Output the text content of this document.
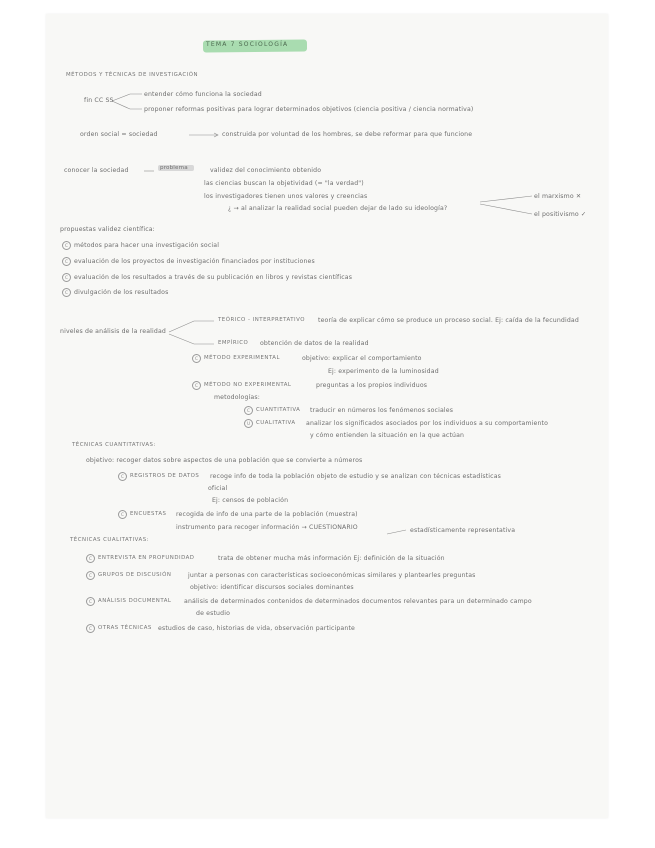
TEMA 7 SOCIOLOGÍA
MÉTODOS Y TÉCNICAS DE INVESTIGACIÓN
fin CC SS
entender cómo funciona la sociedad
proponer reformas positivas para lograr determinados objetivos (ciencia positiva / ciencia normativa)
orden social = sociedad	construida por voluntad de los hombres, se debe reformar para que funcione
conocer la sociedad	problema	validez del conocimiento obtenido
las ciencias buscan la objetividad (= "la verdad")
los investigadores tienen unos valores y creencias
¿ → al analizar la realidad social pueden dejar de lado su ideología?
el marxismo ✕
el positivismo ✓
propuestas validez científica:
C métodos para hacer una investigación social
C evaluación de los proyectos de investigación financiados por instituciones
C evaluación de los resultados a través de su publicación en libros y revistas científicas
C divulgación de los resultados
niveles de análisis de la realidad
TEÓRICO - INTERPRETATIVO teoría de explicar cómo se produce un proceso social. Ej: caída de la fecundidad
EMPÍRICO obtención de datos de la realidad
C	MÉTODO EXPERIMENTAL	objetivo: explicar el comportamiento
Ej: experimento de la luminosidad
C	MÉTODO NO EXPERIMENTAL	preguntas a los propios individuos
metodologías:
C	CUANTITATIVA traducir en números los fenómenos sociales
U	CUALITATIVA analizar los significados asociados por los individuos a su comportamiento
y cómo entienden la situación en la que actúan
TÉCNICAS CUANTITATIVAS:
objetivo: recoger datos sobre aspectos de una población que se convierte a números
C	REGISTROS DE DATOS recoge info de toda la población objeto de estudio y se analizan con técnicas estadísticas
oficial
Ej: censos de población
C	ENCUESTAS recogida de info de una parte de la población (muestra)
instrumento para recoger información → CUESTIONARIO	estadísticamente representativa
TÉCNICAS CUALITATIVAS:
C	ENTREVISTA EN PROFUNDIDAD	trata de obtener mucha más información Ej: definición de la situación
C	GRUPOS DE DISCUSIÓN	juntar a personas con características socioeconómicas similares y plantearles preguntas
objetivo: identificar discursos sociales dominantes
C	ANÁLISIS DOCUMENTAL análisis de determinados contenidos de determinados documentos relevantes para un determinado campo
de estudio
C	OTRAS TÉCNICAS estudios de caso, historias de vida, observación participante
